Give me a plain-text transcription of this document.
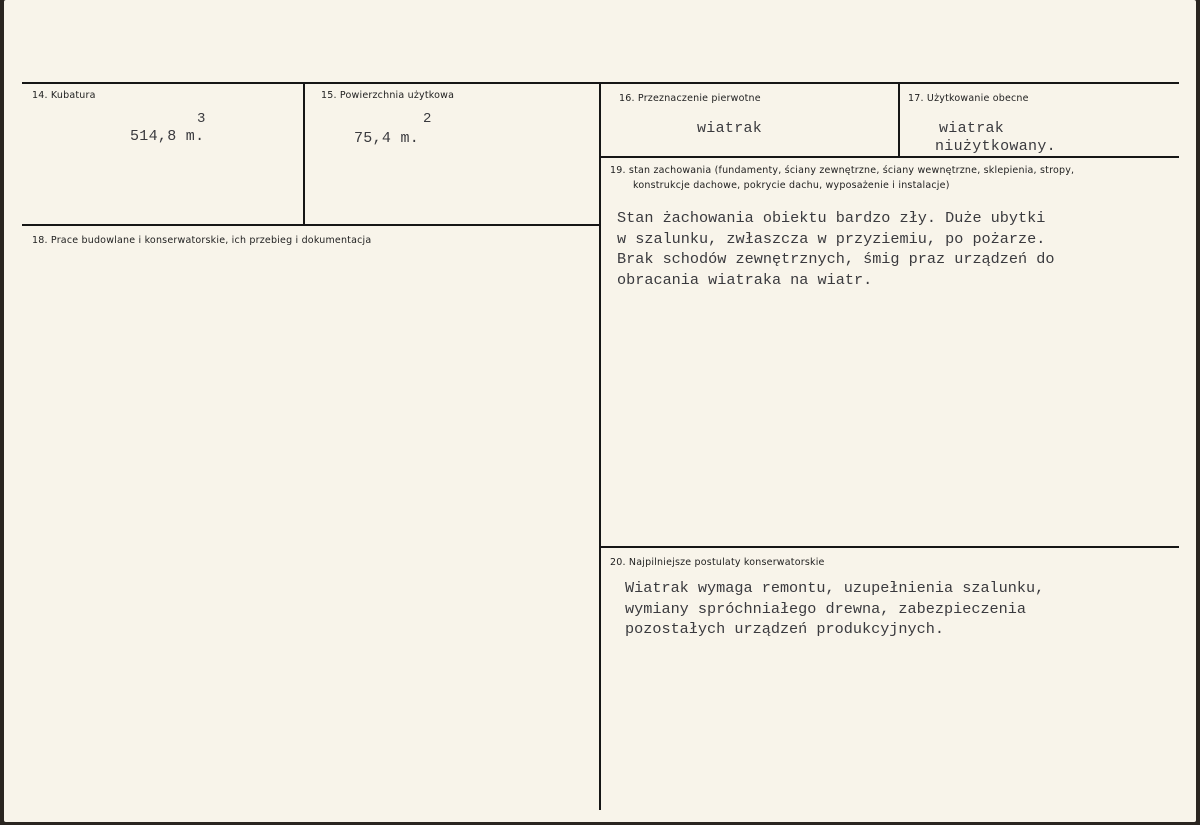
14. Kubatura
3
514,8 m.
15. Powierzchnia użytkowa
2
75,4 m.
16. Przeznaczenie pierwotne
wiatrak
17. Użytkowanie obecne
wiatrak
niużytkowany.
18. Prace budowlane i konserwatorskie, ich przebieg i dokumentacja
19. stan zachowania (fundamenty, ściany zewnętrzne, ściany wewnętrzne, sklepienia, stropy,
konstrukcje dachowe, pokrycie dachu, wyposażenie i instalacje)
Stan żachowania obiektu bardzo zły. Duże ubytki
w szalunku, zwłaszcza w przyziemiu, po pożarze.
Brak schodów zewnętrznych, śmig praz urządzeń do
obracania wiatraka na wiatr.
20. Najpilniejsze postulaty konserwatorskie
Wiatrak wymaga remontu, uzupełnienia szalunku,
wymiany spróchniałego drewna, zabezpieczenia
pozostałych urządzeń produkcyjnych.
